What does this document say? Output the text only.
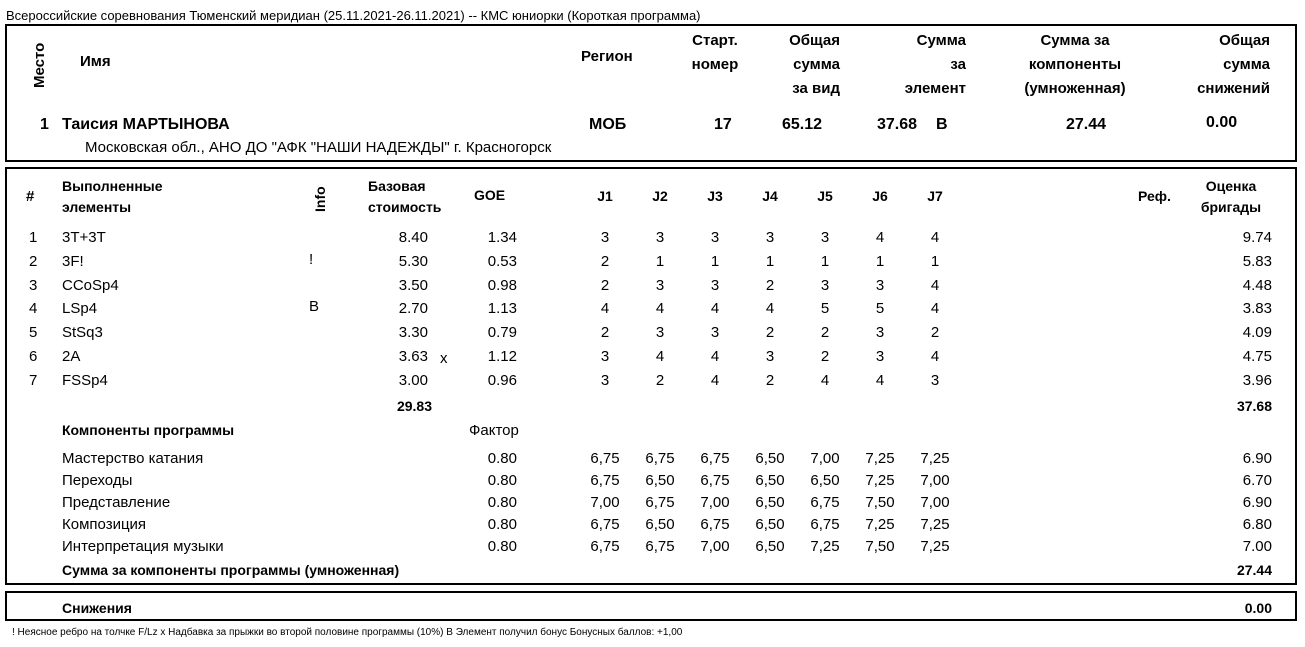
Всероссийские соревнования Тюменский меридиан (25.11.2021-26.11.2021) -- КМС юниорки (Короткая программа)
Место Имя	Регион
Старт.
номер
Общая
сумма
за вид
Сумма
за
элемент
Сумма за
компоненты
(умноженная)
Общая
сумма
снижений
1 Таисия МАРТЫНОВА	МОБ	17	65.12	37.68 B	27.44	0.00
Московская обл., АНО ДО "АФК "НАШИ НАДЕЖДЫ" г. Красногорск
#
Выполненные
элементы	Info
Базовая
стоимость
GOE	J1	J2	J3	J4	J5	J6	J7	Реф.
Оценка
бригады
1 3T+3T	8.40	1.34	3	3	3	3	3	4	4	9.74
2 3F!	!	5.30	0.53	2	1	1	1	1	1	1	5.83
3 CCoSp4	3.50	0.98	2	3	3	2	3	3	4	4.48
4 LSp4	B	2.70	1.13	4	4	4	4	5	5	4	3.83
5 StSq3	3.30	0.79	2	3	3	2	2	3	2	4.09
6 2A	3.63 x	1.12	3	4	4	3	2	3	4	4.75
7 FSSp4	3.00	0.96	3	2	4	2	4	4	3	3.96
29.83	37.68
Компоненты программы	Фактор
Мастерство катания	0.80	6,75	6,75	6,75	6,50	7,00	7,25	7,25	6.90
Переходы	0.80	6,75	6,50	6,75	6,50	6,50	7,25	7,00	6.70
Представление	0.80	7,00	6,75	7,00	6,50	6,75	7,50	7,00	6.90
Композиция	0.80	6,75	6,50	6,75	6,50	6,75	7,25	7,25	6.80
Интерпретация музыки	0.80	6,75	6,75	7,00	6,50	7,25	7,50	7,25	7.00
Сумма за компоненты программы (умноженная)	27.44
Снижения	0.00
! Неясное ребро на толчке F/Lz x Надбавка за прыжки во второй половине программы (10%) B Элемент получил бонус Бонусных баллов: +1,00
